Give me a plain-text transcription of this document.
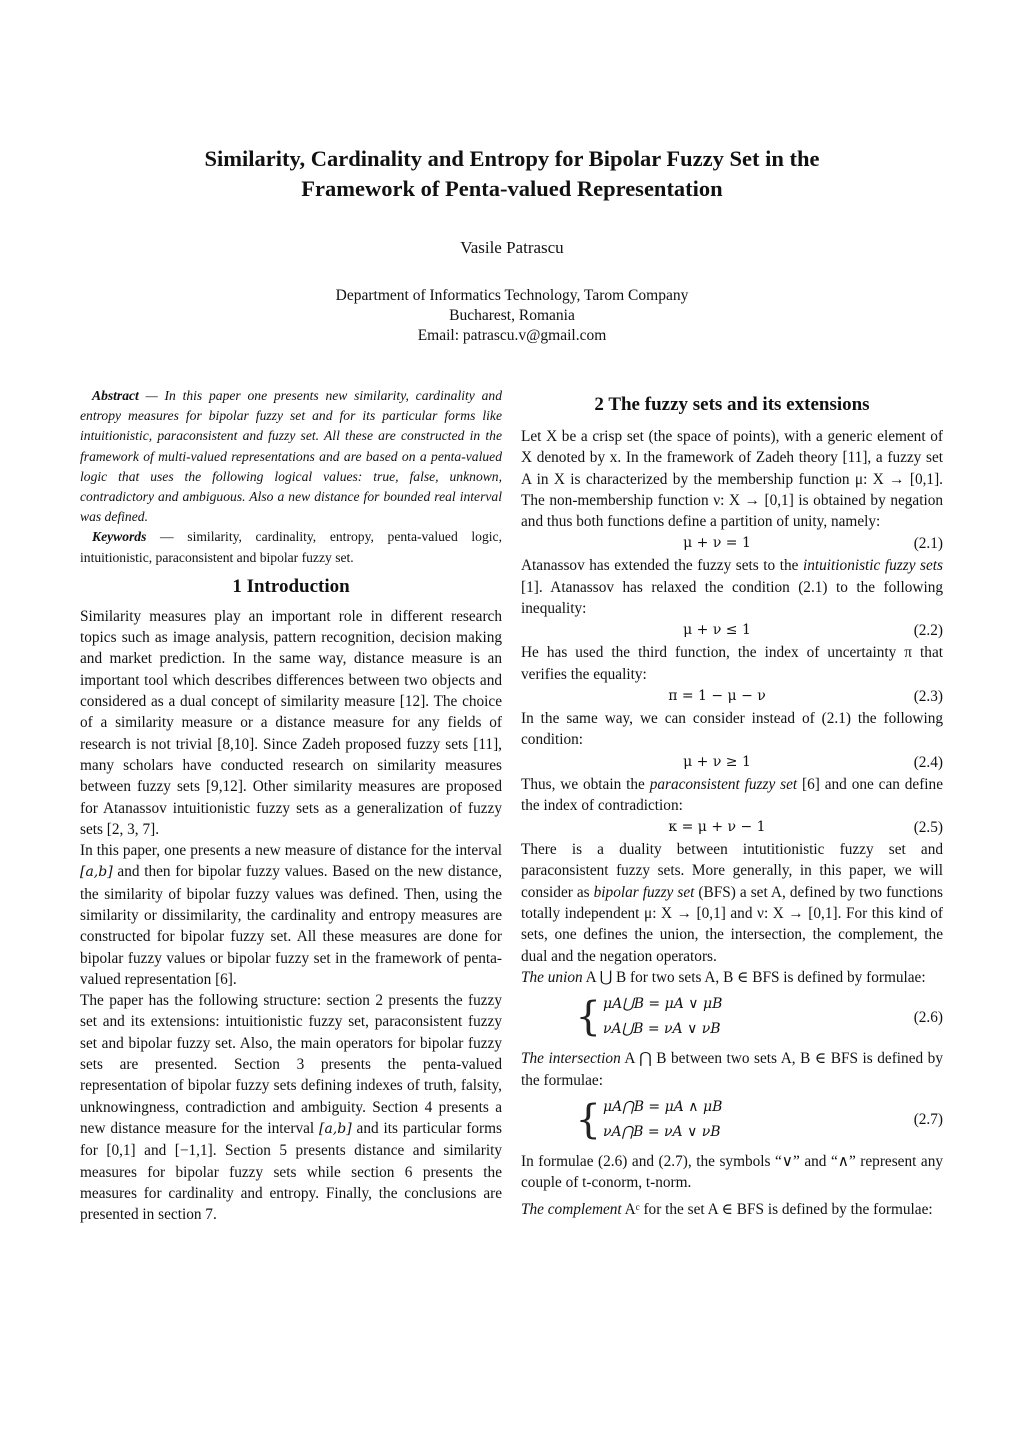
Similarity, Cardinality and Entropy for Bipolar Fuzzy Set in the
Framework of Penta-valued Representation
Vasile Patrascu
Department of Informatics Technology, Tarom Company
Bucharest, Romania
Email: patrascu.v@gmail.com

Abstract — In this paper one presents new similarity, cardinality and entropy measures for bipolar fuzzy set and for its particular forms like intuitionistic, paraconsistent and fuzzy set. All these are constructed in the framework of multi-valued representations and are based on a penta-valued logic that uses the following logical values: true, false, unknown, contradictory and ambiguous. Also a new distance for bounded real interval was defined.

Keywords — similarity, cardinality, entropy, penta-valued logic, intuitionistic, paraconsistent and bipolar fuzzy set.

1 Introduction

Similarity measures play an important role in different research topics such as image analysis, pattern recognition, decision making and market prediction. In the same way, distance measure is an important tool which describes differences between two objects and considered as a dual concept of similarity measure [12]. The choice of a similarity measure or a distance measure for any fields of research is not trivial [8,10]. Since Zadeh proposed fuzzy sets [11], many scholars have conducted research on similarity measures between fuzzy sets [9,12]. Other similarity measures are proposed for Atanassov intuitionistic fuzzy sets as a generalization of fuzzy sets [2, 3, 7].

In this paper, one presents a new measure of distance for the interval [a,b] and then for bipolar fuzzy values. Based on the new distance, the similarity of bipolar fuzzy values was defined. Then, using the similarity or dissimilarity, the cardinality and entropy measures are constructed for bipolar fuzzy set. All these measures are done for bipolar fuzzy values or bipolar fuzzy set in the framework of penta-valued representation [6].

The paper has the following structure: section 2 presents the fuzzy set and its extensions: intuitionistic fuzzy set, paraconsistent fuzzy set and bipolar fuzzy set. Also, the main operators for bipolar fuzzy sets are presented. Section 3 presents the penta-valued representation of bipolar fuzzy sets defining indexes of truth, falsity, unknowingness, contradiction and ambiguity. Section 4 presents a new distance measure for the interval [a,b] and its particular forms for [0,1] and [−1,1]. Section 5 presents distance and similarity measures for bipolar fuzzy sets while section 6 presents the measures for cardinality and entropy. Finally, the conclusions are presented in section 7.

2 The fuzzy sets and its extensions

Let X be a crisp set (the space of points), with a generic element of X denoted by x. In the framework of Zadeh theory [11], a fuzzy set A in X is characterized by the membership function μ: X → [0,1]. The non-membership function ν: X → [0,1] is obtained by negation and thus both functions define a partition of unity, namely:

μ + ν = 1	(2.1)

Atanassov has extended the fuzzy sets to the intuitionistic fuzzy sets [1]. Atanassov has relaxed the condition (2.1) to the following inequality:

μ + ν ≤ 1	(2.2)

He has used the third function, the index of uncertainty π that verifies the equality:

π = 1 − μ − ν	(2.3)

In the same way, we can consider instead of (2.1) the following condition:

μ + ν ≥ 1	(2.4)

Thus, we obtain the paraconsistent fuzzy set [6] and one can define the index of contradiction:

κ = μ + ν − 1	(2.5)

There is a duality between intutitionistic fuzzy set and paraconsistent fuzzy sets. More generally, in this paper, we will consider as bipolar fuzzy set (BFS) a set A, defined by two functions totally independent μ: X → [0,1] and ν: X → [0,1]. For this kind of sets, one defines the union, the intersection, the complement, the dual and the negation operators.

The union A ⋃ B for two sets A, B ∈ BFS is defined by formulae:

{ μA⋃B = μA ∨ μB
νA⋃B = νA ∨ νB
(2.6)

The intersection A ⋂ B between two sets A, B ∈ BFS is defined by the formulae:

{ μA⋂B = μA ∧ μB
νA⋂B = νA ∨ νB
(2.7)

In formulae (2.6) and (2.7), the symbols “∨” and “∧” represent any couple of t-conorm, t-norm.

The complement Aᶜ for the set A ∈ BFS is defined by the formulae:
